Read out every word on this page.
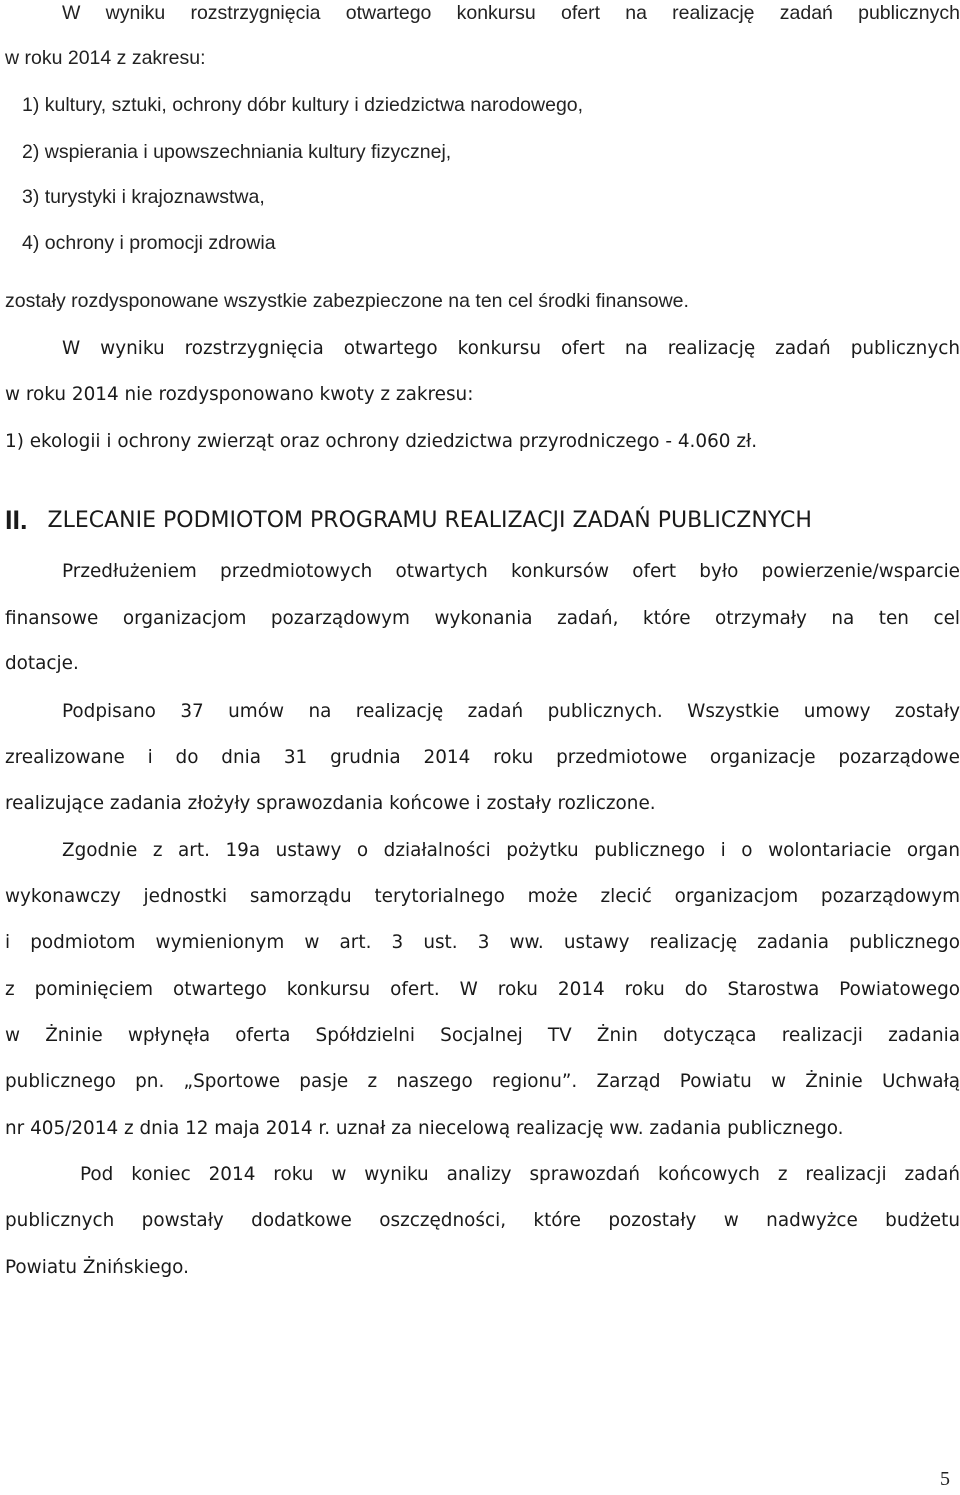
W wyniku rozstrzygnięcia otwartego konkursu ofert na realizację zadań publicznych
w roku 2014 z zakresu:
1) kultury, sztuki, ochrony dóbr kultury i dziedzictwa narodowego,
2) wspierania i upowszechniania kultury fizycznej,
3) turystyki i krajoznawstwa,
4) ochrony i promocji zdrowia
zostały rozdysponowane wszystkie zabezpieczone na ten cel środki finansowe.
W wyniku rozstrzygnięcia otwartego konkursu ofert na realizację zadań publicznych
w roku 2014 nie rozdysponowano kwoty z zakresu:
1) ekologii i ochrony zwierząt oraz ochrony dziedzictwa przyrodniczego - 4.060 zł.
II. ZLECANIE PODMIOTOM PROGRAMU REALIZACJI ZADAŃ PUBLICZNYCH
Przedłużeniem przedmiotowych otwartych konkursów ofert było powierzenie/wsparcie
finansowe organizacjom pozarządowym wykonania zadań, które otrzymały na ten cel
dotacje.
Podpisano 37 umów na realizację zadań publicznych. Wszystkie umowy zostały
zrealizowane i do dnia 31 grudnia 2014 roku przedmiotowe organizacje pozarządowe
realizujące zadania złożyły sprawozdania końcowe i zostały rozliczone.
Zgodnie z art. 19a ustawy o działalności pożytku publicznego i o wolontariacie organ
wykonawczy jednostki samorządu terytorialnego może zlecić organizacjom pozarządowym
i podmiotom wymienionym w art. 3 ust. 3 ww. ustawy realizację zadania publicznego
z pominięciem otwartego konkursu ofert. W roku 2014 roku do Starostwa Powiatowego
w Żninie wpłynęła oferta Spółdzielni Socjalnej TV Żnin dotycząca realizacji zadania
publicznego pn. „Sportowe pasje z naszego regionu”. Zarząd Powiatu w Żninie Uchwałą
nr 405/2014 z dnia 12 maja 2014 r. uznał za niecelową realizację ww. zadania publicznego.
Pod koniec 2014 roku w wyniku analizy sprawozdań końcowych z realizacji zadań
publicznych powstały dodatkowe oszczędności, które pozostały w nadwyżce budżetu
Powiatu Żnińskiego.
5
